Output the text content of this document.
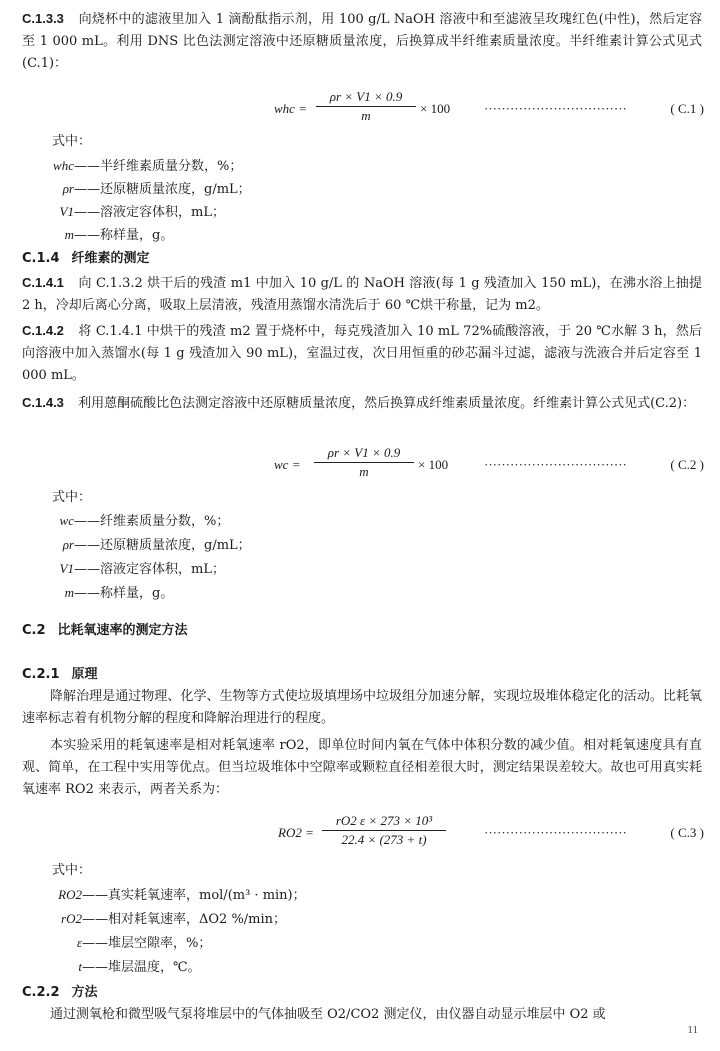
C.1.3.3 向烧杯中的滤液里加入 1 滴酚酞指示剂，用 100 g/L NaOH 溶液中和至滤液呈玫瑰红色(中性)，然后定容至 1 000 mL。利用 DNS 比色法测定溶液中还原糖质量浓度，后换算成半纤维素质量浓度。半纤维素计算公式见式(C.1)：
whc = $\frac{\rho r \times V1 \times 0.9}{m} \times 100$	·································	( C.1 )
式中：
whc——半纤维素质量分数，%；
ρr——还原糖质量浓度，g/mL；
V1——溶液定容体积，mL；
m——称样量，g。
C.1.4 纤维素的测定
C.1.4.1 向 C.1.3.2 烘干后的残渣 m1 中加入 10 g/L 的 NaOH 溶液(每 1 g 残渣加入 150 mL)，在沸水浴上抽提 2 h，冷却后离心分离，吸取上层清液，残渣用蒸馏水清洗后于 60 ℃烘干称量，记为 m2。
C.1.4.2 将 C.1.4.1 中烘干的残渣 m2 置于烧杯中，每克残渣加入 10 mL 72%硫酸溶液，于 20 ℃水解 3 h，然后向溶液中加入蒸馏水(每 1 g 残渣加入 90 mL)，室温过夜，次日用恒重的砂芯漏斗过滤，滤液与洗液合并后定容至 1 000 mL。
C.1.4.3 利用蒽酮硫酸比色法测定溶液中还原糖质量浓度，然后换算成纤维素质量浓度。纤维素计算公式见式(C.2)：
wc = $\frac{\rho r \times V1 \times 0.9}{m} \times 100$	·································	( C.2 )
式中：
wc——纤维素质量分数，%；
ρr——还原糖质量浓度，g/mL；
V1——溶液定容体积，mL；
m——称样量，g。
C.2 比耗氧速率的测定方法
C.2.1 原理
降解治理是通过物理、化学、生物等方式使垃圾填埋场中垃圾组分加速分解，实现垃圾堆体稳定化的活动。比耗氧速率标志着有机物分解的程度和降解治理进行的程度。
本实验采用的耗氧速率是相对耗氧速率 rO2，即单位时间内氧在气体中体积分数的减少值。相对耗氧速度具有直观、简单，在工程中实用等优点。但当垃圾堆体中空隙率或颗粒直径相差很大时，测定结果误差较大。故也可用真实耗氧速率 RO2 来表示，两者关系为：
$RO2 = \frac{\text{rO2 ε × 273 × 10³}}{22.4 \times (273 + t)}$	·································	( C.3 )
式中：
RO2——真实耗氧速率，mol/(m³ · min)；
rO2——相对耗氧速率，ΔO2 %/min；
ε——堆层空隙率，%；
t——堆层温度，℃。
C.2.2 方法
通过测氧枪和微型吸气泵将堆层中的气体抽吸至 O2/CO2 测定仪，由仪器自动显示堆层中 O2 或
11
